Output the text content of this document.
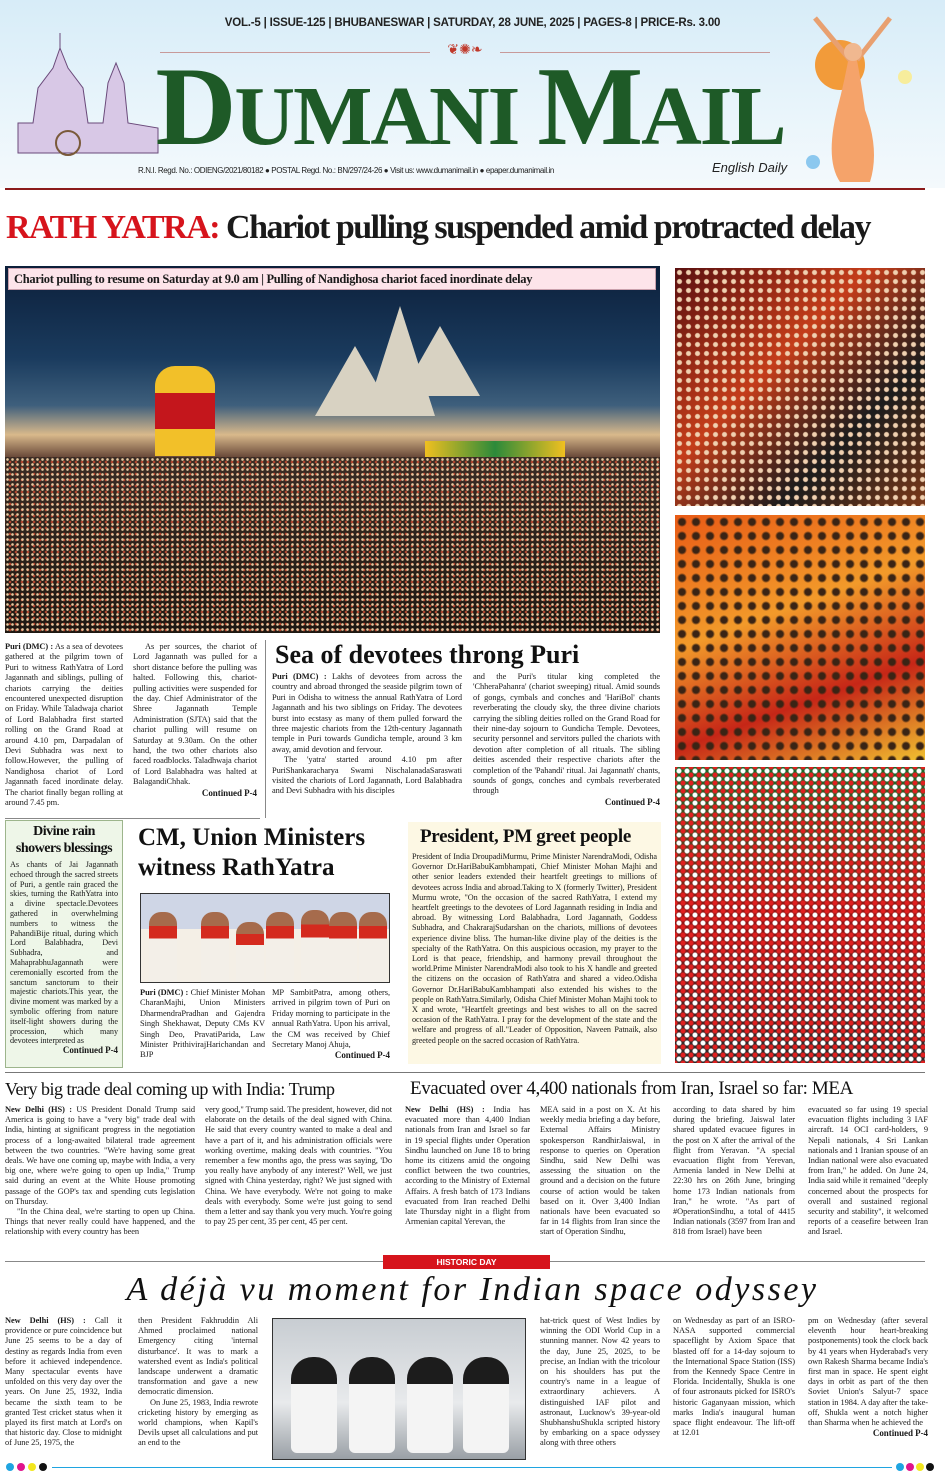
VOL.-5 | ISSUE-125 | BHUBANESWAR | SATURDAY, 28 JUNE, 2025 | PAGES-8 | PRICE-Rs. 3.00
❦✺❧
DUMANI MAIL
R.N.I. Regd. No.: ODIENG/2021/80182 ● POSTAL Regd. No.: BN/297/24-26 ● Visit us: www.dumanimail.in ● epaper.dumanimail.in	English Daily
RATH YATRA: Chariot pulling suspended amid protracted delay
Chariot pulling to resume on Saturday at 9.0 am | Pulling of Nandighosa chariot faced inordinate delay
Puri (DMC) : As a sea of devotees gathered at the pilgrim town of Puri to witness RathYatra of Lord Jagannath and siblings, pulling of chariots carrying the deities encountered unexpected disruption on Friday. While Taladwaja chariot of Lord Balabhadra first started rolling on the Grand Road at around 4.10 pm, Darpadalan of Devi Subhadra was next to follow.However, the pulling of Nandighosa chariot of Lord Jagannath faced inordinate delay. The chariot finally began rolling at around 7.45 pm.

As per sources, the chariot of Lord Jagannath was pulled for a short distance before the pulling was halted. Following this, chariot-pulling activities were suspended for the day. Chief Administrator of the Shree Jagannath Temple Administration (SJTA) said that the chariot pulling will resume on Saturday at 9.30am. On the other hand, the two other chariots also faced roadblocks. Taladhwaja chariot of Lord Balabhadra was halted at BalagandiChhak.

Continued P-4
Sea of devotees throng Puri

Puri (DMC) : Lakhs of devotees from across the country and abroad thronged the seaside pilgrim town of Puri in Odisha to witness the annual RathYatra of Lord Jagannath and his two siblings on Friday. The devotees burst into ecstasy as many of them pulled forward the three majestic chariots from the 12th-century Jagannath temple in Puri towards Gundicha temple, around 3 km away, amid devotion and fervour.

The 'yatra' started around 4.10 pm after PuriShankaracharya Swami NischalanadaSaraswati visited the chariots of Lord Jagannath, Lord Balabhadra and Devi Subhadra with his disciples

and the Puri's titular king completed the 'ChheraPahanra' (chariot sweeping) ritual. Amid sounds of gongs, cymbals and conches and 'HariBol' chants reverberating the cloudy sky, the three divine chariots carrying the sibling deities rolled on the Grand Road for their nine-day sojourn to Gundicha Temple. Devotees, security personnel and servitors pulled the chariots with devotion after completion of all rituals. The sibling deities ascended their respective chariots after the completion of the 'Pahandi' ritual. Jai Jagannath' chants, sounds of gongs, conches and cymbals reverberated through

Continued P-4
Divine rain showers blessings

As chants of Jai Jagannath echoed through the sacred streets of Puri, a gentle rain graced the skies, turning the RathYatra into a divine spectacle.Devotees gathered in overwhelming numbers to witness the PahandiBije ritual, during which Lord Balabhadra, Devi Subhadra, and MahaprabhuJagannath were ceremonially escorted from the sanctum sanctorum to their majestic chariots.This year, the divine moment was marked by a symbolic offering from nature itself-light showers during the procession, which many devotees interpreted as

Continued P-4
CM, Union Ministers witness RathYatra
Puri (DMC) : Chief Minister Mohan CharanMajhi, Union Ministers DharmendraPradhan and Gajendra Singh Shekhawat, Deputy CMs KV Singh Deo, PravatiParida, Law Minister PrithivirajHarichandan and BJP

MP SambitPatra, among others, arrived in pilgrim town of Puri on Friday morning to participate in the annual RathYatra. Upon his arrival, the CM was received by Chief Secretary Manoj Ahuja,

Continued P-4
President, PM greet people
President of India DroupadiMurmu, Prime Minister NarendraModi, Odisha Governor Dr.HariBabuKambhampati, Chief Minister Mohan Majhi and other senior leaders extended their heartfelt greetings to millions of devotees across India and abroad.Taking to X (formerly Twitter), President Murmu wrote, "On the occasion of the sacred RathYatra, I extend my heartfelt greetings to the devotees of Lord Jagannath residing in India and abroad. By witnessing Lord Balabhadra, Lord Jagannath, Goddess Subhadra, and ChakrarajSudarshan on the chariots, millions of devotees experience divine bliss. The human-like divine play of the deities is the specialty of the RathYatra. On this auspicious occasion, my prayer to the Lord is that peace, friendship, and harmony prevail throughout the world.Prime Minister NarendraModi also took to his X handle and greeted the citizens on the occasion of RathYatra and shared a video.Odisha Governor Dr.HariBabuKambhampati also extended his wishes to the people on RathYatra.Similarly, Odisha Chief Minister Mohan Majhi took to X and wrote, "Heartfelt greetings and best wishes to all on the sacred occasion of the RathYatra. I pray for the development of the state and the welfare and progress of all."Leader of Opposition, Naveen Patnaik, also greeted people on the sacred occasion of RathYatra.
Very big trade deal coming up with India: Trump

New Delhi (HS) : US President Donald Trump said America is going to have a "very big" trade deal with India, hinting at significant progress in the negotiation process of a long-awaited bilateral trade agreement between the two countries. "We're having some great deals. We have one coming up, maybe with India, a very big one, where we're going to open up India," Trump said during an event at the White House promoting passage of the GOP's tax and spending cuts legislation on Thursday.

"In the China deal, we're starting to open up China. Things that never really could have happened, and the relationship with every country has been

very good," Trump said. The president, however, did not elaborate on the details of the deal signed with China. He said that every country wanted to make a deal and have a part of it, and his administration officials were working overtime, making deals with countries. "You remember a few months ago, the press was saying, 'Do you really have anybody of any interest?' Well, we just signed with China yesterday, right? We just signed with China. We have everybody. We're not going to make deals with everybody. Some we're just going to send them a letter and say thank you very much. You're going to pay 25 per cent, 35 per cent, 45 per cent.
Evacuated over 4,400 nationals from Iran, Israel so far: MEA
New Delhi (HS) : India has evacuated more than 4,400 Indian nationals from Iran and Israel so far in 19 special flights under Operation Sindhu launched on June 18 to bring home its citizens amid the ongoing conflict between the two countries, according to the Ministry of External Affairs. A fresh batch of 173 Indians evacuated from Iran reached Delhi late Thursday night in a flight from Armenian capital Yerevan, the
MEA said in a post on X. At his weekly media briefing a day before, External Affairs Ministry spokesperson RandhirJaiswal, in response to queries on Operation Sindhu, said New Delhi was assessing the situation on the ground and a decision on the future course of action would be taken based on it. Over 3,400 Indian nationals have been evacuated so far in 14 flights from Iran since the start of Operation Sindhu,
according to data shared by him during the briefing. Jaiswal later shared updated evacuee figures in the post on X after the arrival of the flight from Yeravan. "A special evacuation flight from Yerevan, Armenia landed in New Delhi at 22:30 hrs on 26th June, bringing home 173 Indian nationals from Iran," he wrote. "As part of #OperationSindhu, a total of 4415 Indian nationals (3597 from Iran and 818 from Israel) have been
evacuated so far using 19 special evacuation flights including 3 IAF aircraft. 14 OCI card-holders, 9 Nepali nationals, 4 Sri Lankan nationals and 1 Iranian spouse of an Indian national were also evacuated from Iran," he added. On June 24, India said while it remained "deeply concerned about the prospects for overall and sustained regional security and stability", it welcomed reports of a ceasefire between Iran and Israel.
HISTORIC DAY
A déjà vu moment for Indian space odyssey
New Delhi (HS) : Call it providence or pure coincidence but June 25 seems to be a day of destiny as regards India from even before it achieved independence. Many spectacular events have unfolded on this very day over the years. On June 25, 1932, India became the sixth team to be granted Test cricket status when it played its first match at Lord's on that historic day. Close to midnight of June 25, 1975, the

then President Fakhruddin Ali Ahmed proclaimed national Emergency citing 'internal disturbance'. It was to mark a watershed event as India's political landscape underwent a dramatic transformation and gave a new democratic dimension.

On June 25, 1983, India rewrote cricketing history by emerging as world champions, when Kapil's Devils upset all calculations and put an end to the

hat-trick quest of West Indies by winning the ODI World Cup in a stunning manner. Now 42 years to the day, June 25, 2025, to be precise, an Indian with the tricolour on his shoulders has put the country's name in a league of extraordinary achievers. A distinguished IAF pilot and astronaut, Lucknow's 39-year-old ShubhanshuShukla scripted history by embarking on a space odyssey along with three others
on Wednesday as part of an ISRO-NASA supported commercial spaceflight by Axiom Space that blasted off for a 14-day sojourn to the International Space Station (ISS) from the Kennedy Space Centre in Florida. Incidentally, Shukla is one of four astronauts picked for ISRO's historic Gaganyaan mission, which marks India's inaugural human space flight endeavour. The lift-off at 12.01

pm on Wednesday (after several eleventh hour heart-breaking postponements) took the clock back by 41 years when Hyderabad's very own Rakesh Sharma became India's first man in space. He spent eight days in orbit as part of the then Soviet Union's Salyut-7 space station in 1984. A day after the take-off, Shukla went a notch higher than Sharma when he achieved the

Continued P-4
